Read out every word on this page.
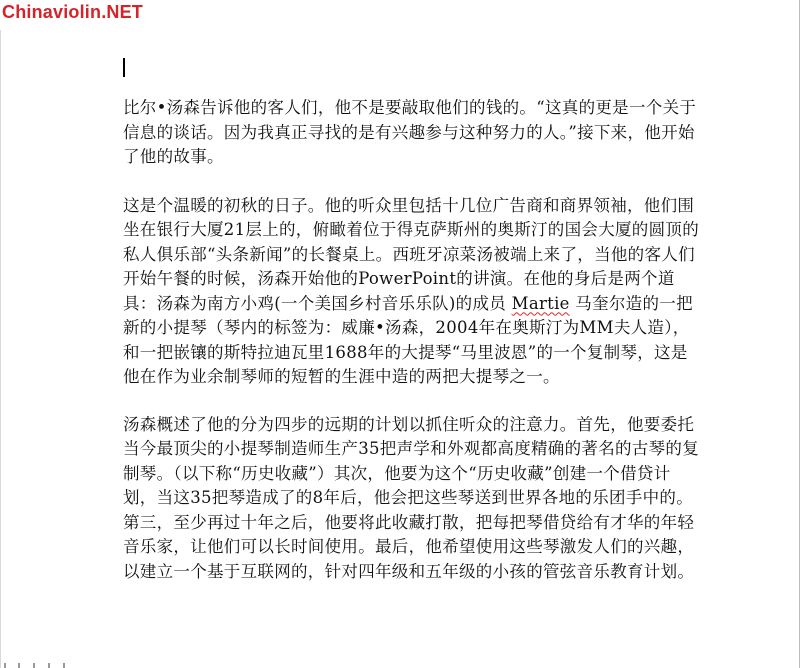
Chinaviolin.NET

比尔•汤森告诉他的客人们，他不是要敲取他们的钱的。“这真的更是一个关于信息的谈话。因为我真正寻找的是有兴趣参与这种努力的人。”接下来，他开始了他的故事。

这是个温暖的初秋的日子。他的听众里包括十几位广告商和商界领袖，他们围坐在银行大厦21层上的，俯瞰着位于得克萨斯州的奥斯汀的国会大厦的圆顶的私人俱乐部“头条新闻”的长餐桌上。西班牙凉菜汤被端上来了，当他的客人们开始午餐的时候，汤森开始他的PowerPoint的讲演。在他的身后是两个道具：汤森为南方小鸡(一个美国乡村音乐乐队)的成员 Martie 马奎尔造的一把新的小提琴（琴内的标签为：威廉•汤森，2004年在奥斯汀为MM夫人造），和一把嵌镶的斯特拉迪瓦里1688年的大提琴“马里波恩”的一个复制琴，这是他在作为业余制琴师的短暂的生涯中造的两把大提琴之一。

汤森概述了他的分为四步的远期的计划以抓住听众的注意力。首先，他要委托当今最顶尖的小提琴制造师生产35把声学和外观都高度精确的著名的古琴的复制琴。（以下称“历史收藏”）其次，他要为这个“历史收藏”创建一个借贷计划，当这35把琴造成了的8年后，他会把这些琴送到世界各地的乐团手中的。第三，至少再过十年之后，他要将此收藏打散，把每把琴借贷给有才华的年轻音乐家，让他们可以长时间使用。最后，他希望使用这些琴激发人们的兴趣，以建立一个基于互联网的，针对四年级和五年级的小孩的管弦音乐教育计划。
